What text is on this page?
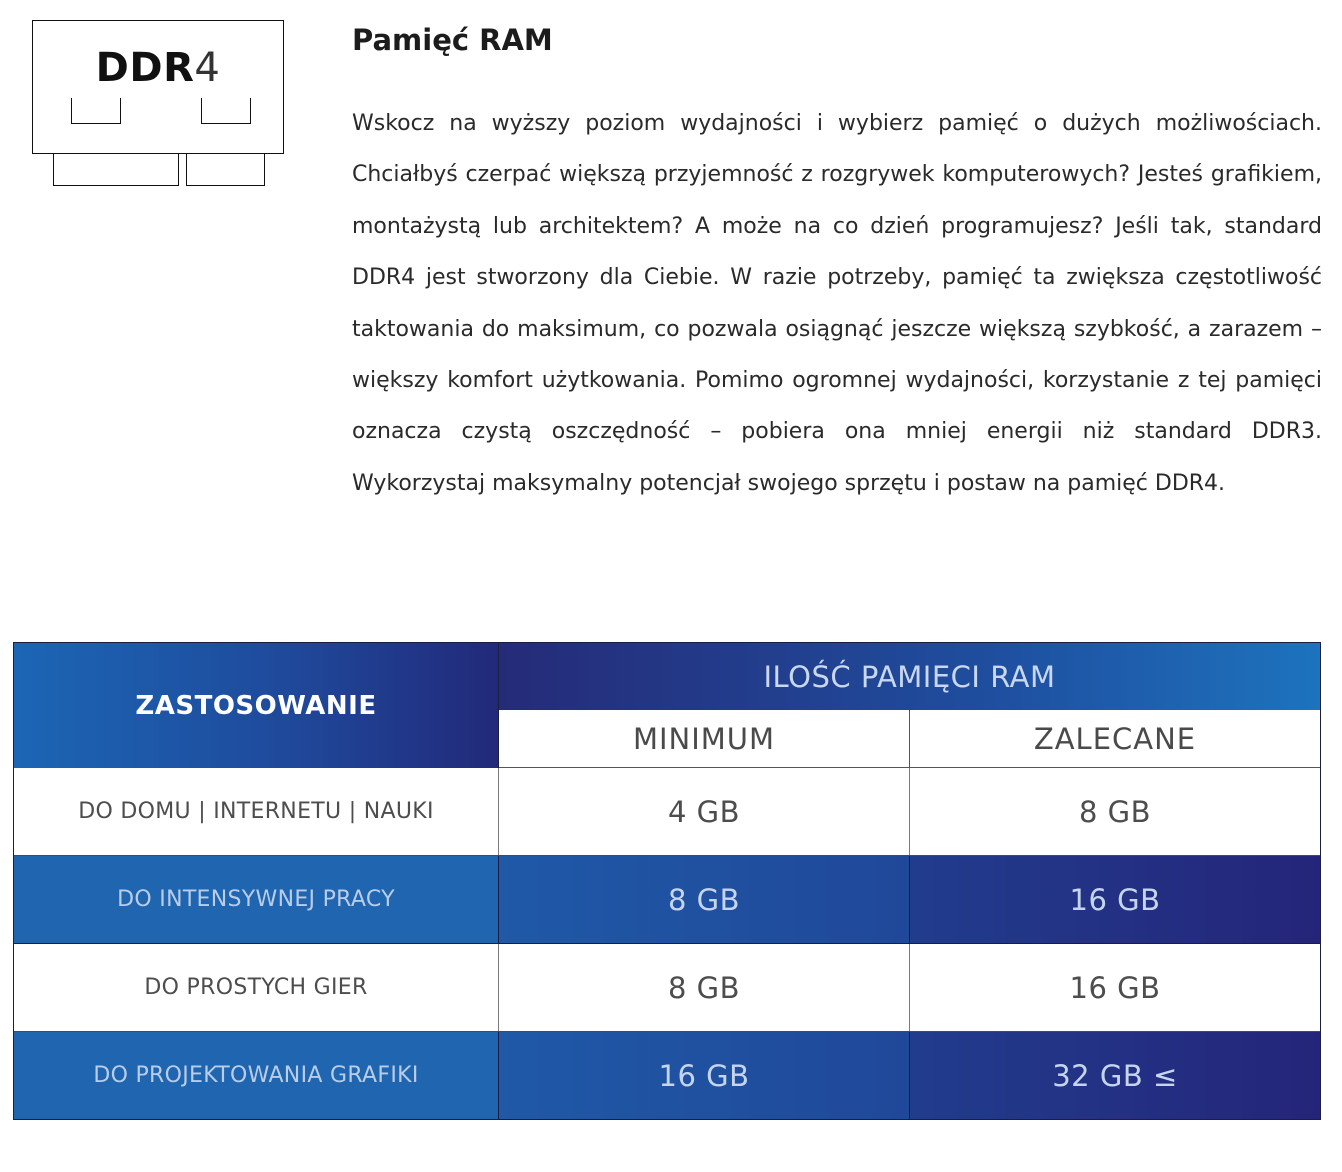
DDR4
Pamięć RAM

Wskocz na wyższy poziom wydajności i wybierz pamięć o dużych możliwościach. Chciałbyś czerpać większą przyjemność z rozgrywek komputerowych? Jesteś grafikiem, montażystą lub architektem? A może na co dzień programujesz? Jeśli tak, standard DDR4 jest stworzony dla Ciebie. W razie potrzeby, pamięć ta zwiększa częstotliwość taktowania do maksimum, co pozwala osiągnąć jeszcze większą szybkość, a zarazem – większy komfort użytkowania. Pomimo ogromnej wydajności, korzystanie z tej pamięci oznacza czystą oszczędność – pobiera ona mniej energii niż standard DDR3. Wykorzystaj maksymalny potencjał swojego sprzętu i postaw na pamięć DDR4.

ZASTOSOWANIE
ILOŚĆ PAMIĘCI RAM
MINIMUM	ZALECANE
DO DOMU | INTERNETU | NAUKI	4 GB	8 GB
DO INTENSYWNEJ PRACY	8 GB	16 GB
DO PROSTYCH GIER	8 GB	16 GB
DO PROJEKTOWANIA GRAFIKI	16 GB	32 GB ≤
